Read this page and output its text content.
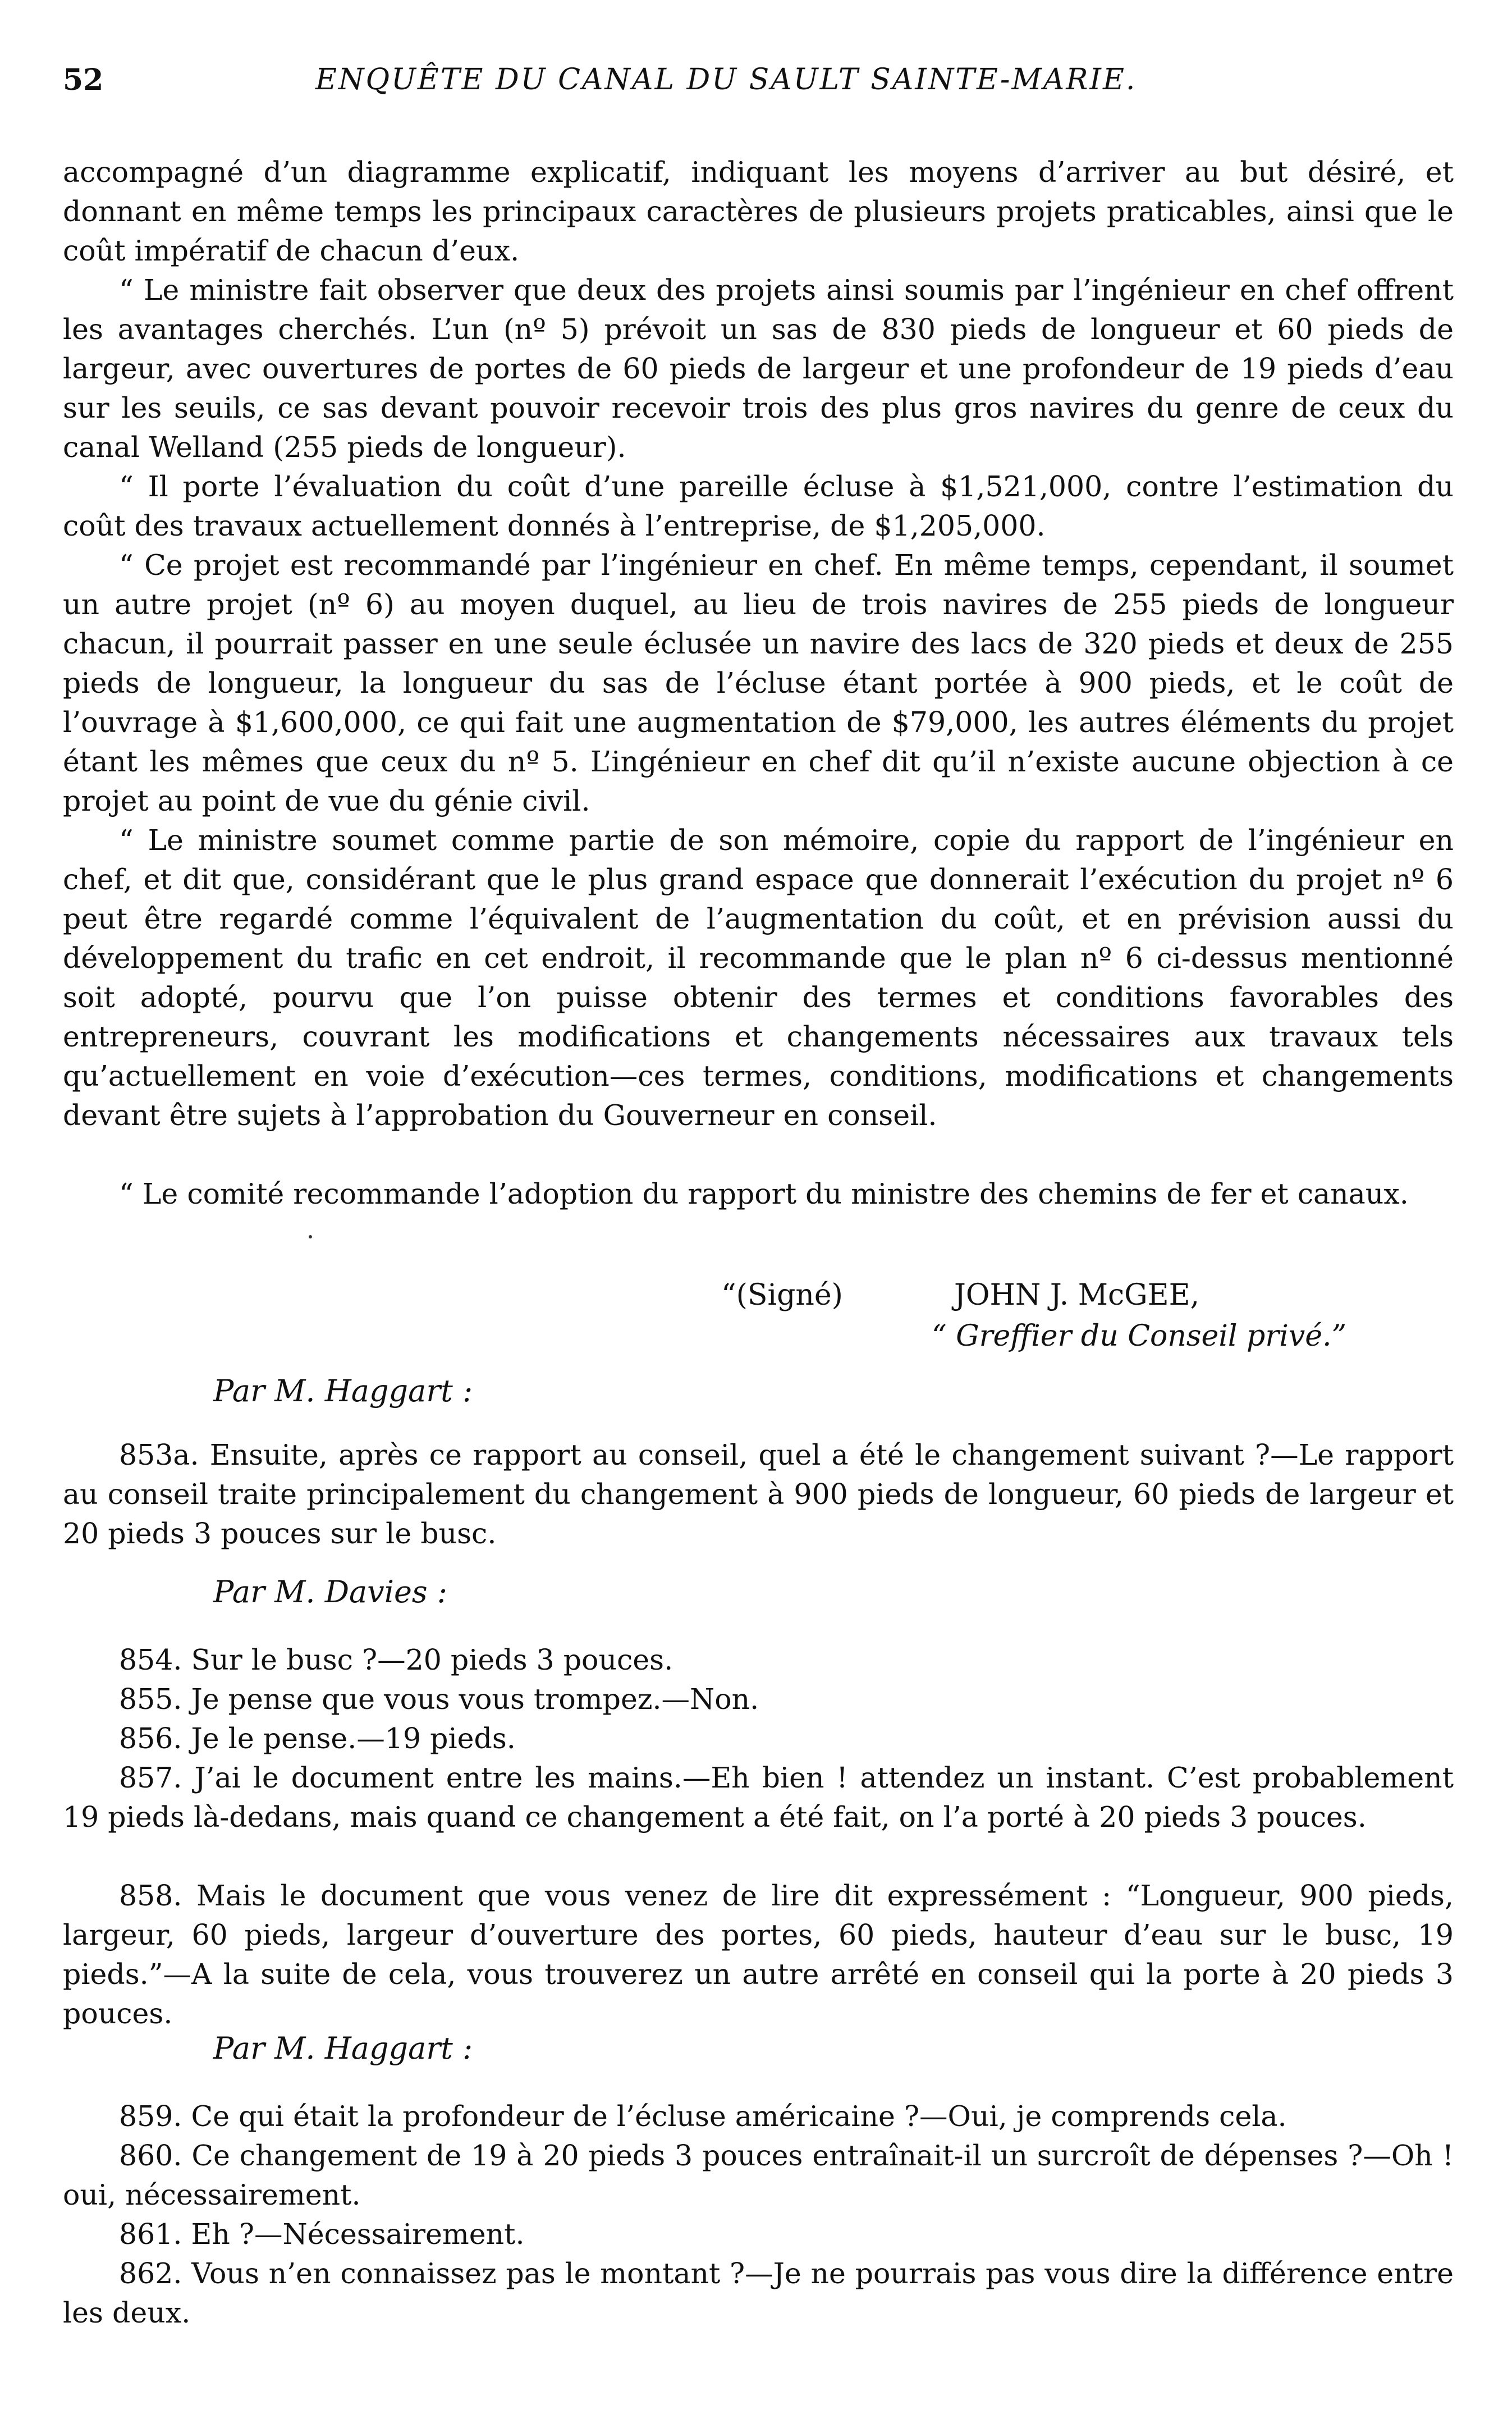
52	ENQUÊTE DU CANAL DU SAULT SAINTE-MARIE.

accompagné d’un diagramme explicatif, indiquant les moyens d’arriver au but désiré, et donnant en même temps les principaux caractères de plusieurs projets praticables, ainsi que le coût impératif de chacun d’eux.

“ Le ministre fait observer que deux des projets ainsi soumis par l’ingénieur en chef offrent les avantages cherchés. L’un (nº 5) prévoit un sas de 830 pieds de longueur et 60 pieds de largeur, avec ouvertures de portes de 60 pieds de largeur et une profondeur de 19 pieds d’eau sur les seuils, ce sas devant pouvoir recevoir trois des plus gros navires du genre de ceux du canal Welland (255 pieds de longueur).

“ Il porte l’évaluation du coût d’une pareille écluse à $1,521,000, contre l’estimation du coût des travaux actuellement donnés à l’entreprise, de $1,205,000.

“ Ce projet est recommandé par l’ingénieur en chef. En même temps, cependant, il soumet un autre projet (nº 6) au moyen duquel, au lieu de trois navires de 255 pieds de longueur chacun, il pourrait passer en une seule éclusée un navire des lacs de 320 pieds et deux de 255 pieds de longueur, la longueur du sas de l’écluse étant portée à 900 pieds, et le coût de l’ouvrage à $1,600,000, ce qui fait une augmentation de $79,000, les autres éléments du projet étant les mêmes que ceux du nº 5. L’ingénieur en chef dit qu’il n’existe aucune objection à ce projet au point de vue du génie civil.

“ Le ministre soumet comme partie de son mémoire, copie du rapport de l’ingénieur en chef, et dit que, considérant que le plus grand espace que donnerait l’exécution du projet nº 6 peut être regardé comme l’équivalent de l’augmentation du coût, et en prévision aussi du développement du trafic en cet endroit, il recommande que le plan nº 6 ci-dessus mentionné soit adopté, pourvu que l’on puisse obtenir des termes et conditions favorables des entrepreneurs, couvrant les modifications et changements nécessaires aux travaux tels qu’actuellement en voie d’exécution—ces termes, conditions, modifications et changements devant être sujets à l’approbation du Gouverneur en conseil.

“ Le comité recommande l’adoption du rapport du ministre des chemins de fer et canaux.

“(Signé)	JOHN J. McGEE,
“ Greffier du Conseil privé.”
Par M. Haggart :

853a. Ensuite, après ce rapport au conseil, quel a été le changement suivant ?—Le rapport au conseil traite principalement du changement à 900 pieds de longueur, 60 pieds de largeur et 20 pieds 3 pouces sur le busc.

Par M. Davies :

854. Sur le busc ?—20 pieds 3 pouces.

855. Je pense que vous vous trompez.—Non.

856. Je le pense.—19 pieds.

857. J’ai le document entre les mains.—Eh bien ! attendez un instant. C’est probablement 19 pieds là-dedans, mais quand ce changement a été fait, on l’a porté à 20 pieds 3 pouces.

858. Mais le document que vous venez de lire dit expressément : “Longueur, 900 pieds, largeur, 60 pieds, largeur d’ouverture des portes, 60 pieds, hauteur d’eau sur le busc, 19 pieds.”—A la suite de cela, vous trouverez un autre arrêté en conseil qui la porte à 20 pieds 3 pouces.

Par M. Haggart :

859. Ce qui était la profondeur de l’écluse américaine ?—Oui, je comprends cela.

860. Ce changement de 19 à 20 pieds 3 pouces entraînait-il un surcroît de dépenses ?—Oh ! oui, nécessairement.

861. Eh ?—Nécessairement.

862. Vous n’en connaissez pas le montant ?—Je ne pourrais pas vous dire la différence entre les deux.
